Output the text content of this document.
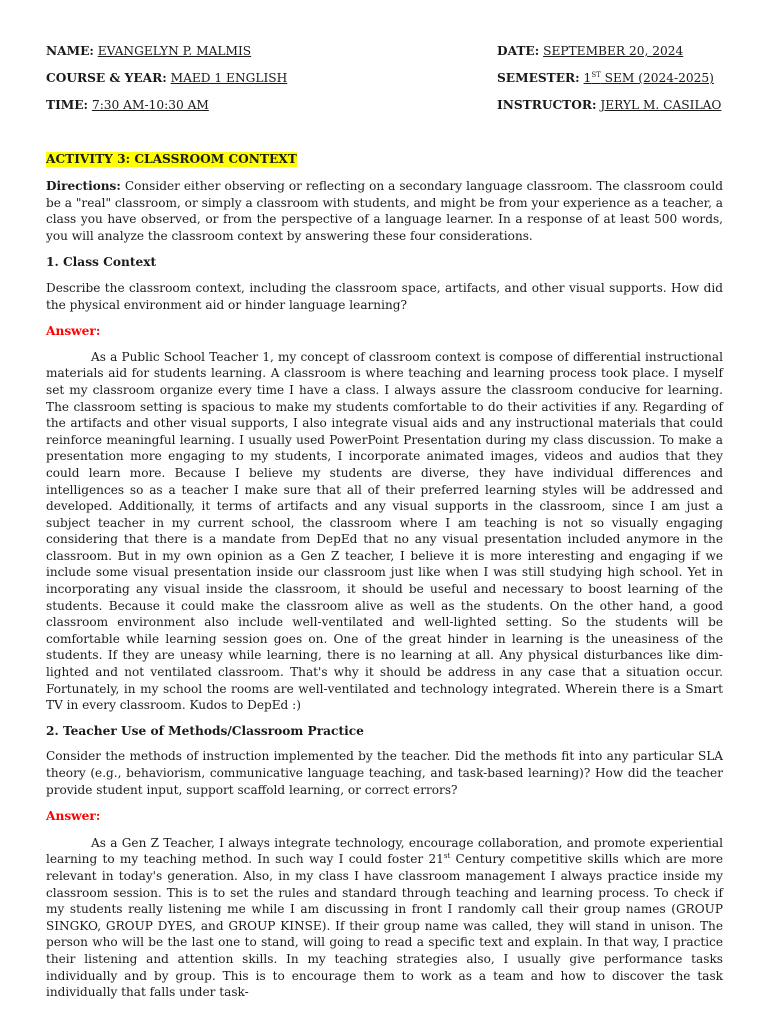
NAME: EVANGELYN P. MALMIS	DATE: SEPTEMBER 20, 2024
COURSE & YEAR: MAED 1 ENGLISH	SEMESTER: 1ST SEM (2024-2025)
TIME: 7:30 AM-10:30 AM	INSTRUCTOR: JERYL M. CASILAO
ACTIVITY 3: CLASSROOM CONTEXT

Directions: Consider either observing or reflecting on a secondary language classroom. The classroom could be a "real" classroom, or simply a classroom with students, and might be from your experience as a teacher, a class you have observed, or from the perspective of a language learner. In a response of at least 500 words, you will analyze the classroom context by answering these four considerations.

1. Class Context

Describe the classroom context, including the classroom space, artifacts, and other visual supports. How did the physical environment aid or hinder language learning?

Answer:

As a Public School Teacher 1, my concept of classroom context is compose of differential instructional materials aid for students learning. A classroom is where teaching and learning process took place. I myself set my classroom organize every time I have a class. I always assure the classroom conducive for learning. The classroom setting is spacious to make my students comfortable to do their activities if any. Regarding of the artifacts and other visual supports, I also integrate visual aids and any instructional materials that could reinforce meaningful learning. I usually used PowerPoint Presentation during my class discussion. To make a presentation more engaging to my students, I incorporate animated images, videos and audios that they could learn more. Because I believe my students are diverse, they have individual differences and intelligences so as a teacher I make sure that all of their preferred learning styles will be addressed and developed. Additionally, it terms of artifacts and any visual supports in the classroom, since I am just a subject teacher in my current school, the classroom where I am teaching is not so visually engaging considering that there is a mandate from DepEd that no any visual presentation included anymore in the classroom. But in my own opinion as a Gen Z teacher, I believe it is more interesting and engaging if we include some visual presentation inside our classroom just like when I was still studying high school. Yet in incorporating any visual inside the classroom, it should be useful and necessary to boost learning of the students. Because it could make the classroom alive as well as the students. On the other hand, a good classroom environment also include well-ventilated and well-lighted setting. So the students will be comfortable while learning session goes on. One of the great hinder in learning is the uneasiness of the students. If they are uneasy while learning, there is no learning at all. Any physical disturbances like dim-lighted and not ventilated classroom. That's why it should be address in any case that a situation occur. Fortunately, in my school the rooms are well-ventilated and technology integrated. Wherein there is a Smart TV in every classroom. Kudos to DepEd :)

2. Teacher Use of Methods/Classroom Practice

Consider the methods of instruction implemented by the teacher. Did the methods fit into any particular SLA theory (e.g., behaviorism, communicative language teaching, and task-based learning)? How did the teacher provide student input, support scaffold learning, or correct errors?

Answer:

As a Gen Z Teacher, I always integrate technology, encourage collaboration, and promote experiential learning to my teaching method. In such way I could foster 21st Century competitive skills which are more relevant in today's generation. Also, in my class I have classroom management I always practice inside my classroom session. This is to set the rules and standard through teaching and learning process. To check if my students really listening me while I am discussing in front I randomly call their group names (GROUP SINGKO, GROUP DYES, and GROUP KINSE). If their group name was called, they will stand in unison. The person who will be the last one to stand, will going to read a specific text and explain. In that way, I practice their listening and attention skills. In my teaching strategies also, I usually give performance tasks individually and by group. This is to encourage them to work as a team and how to discover the task individually that falls under task-
